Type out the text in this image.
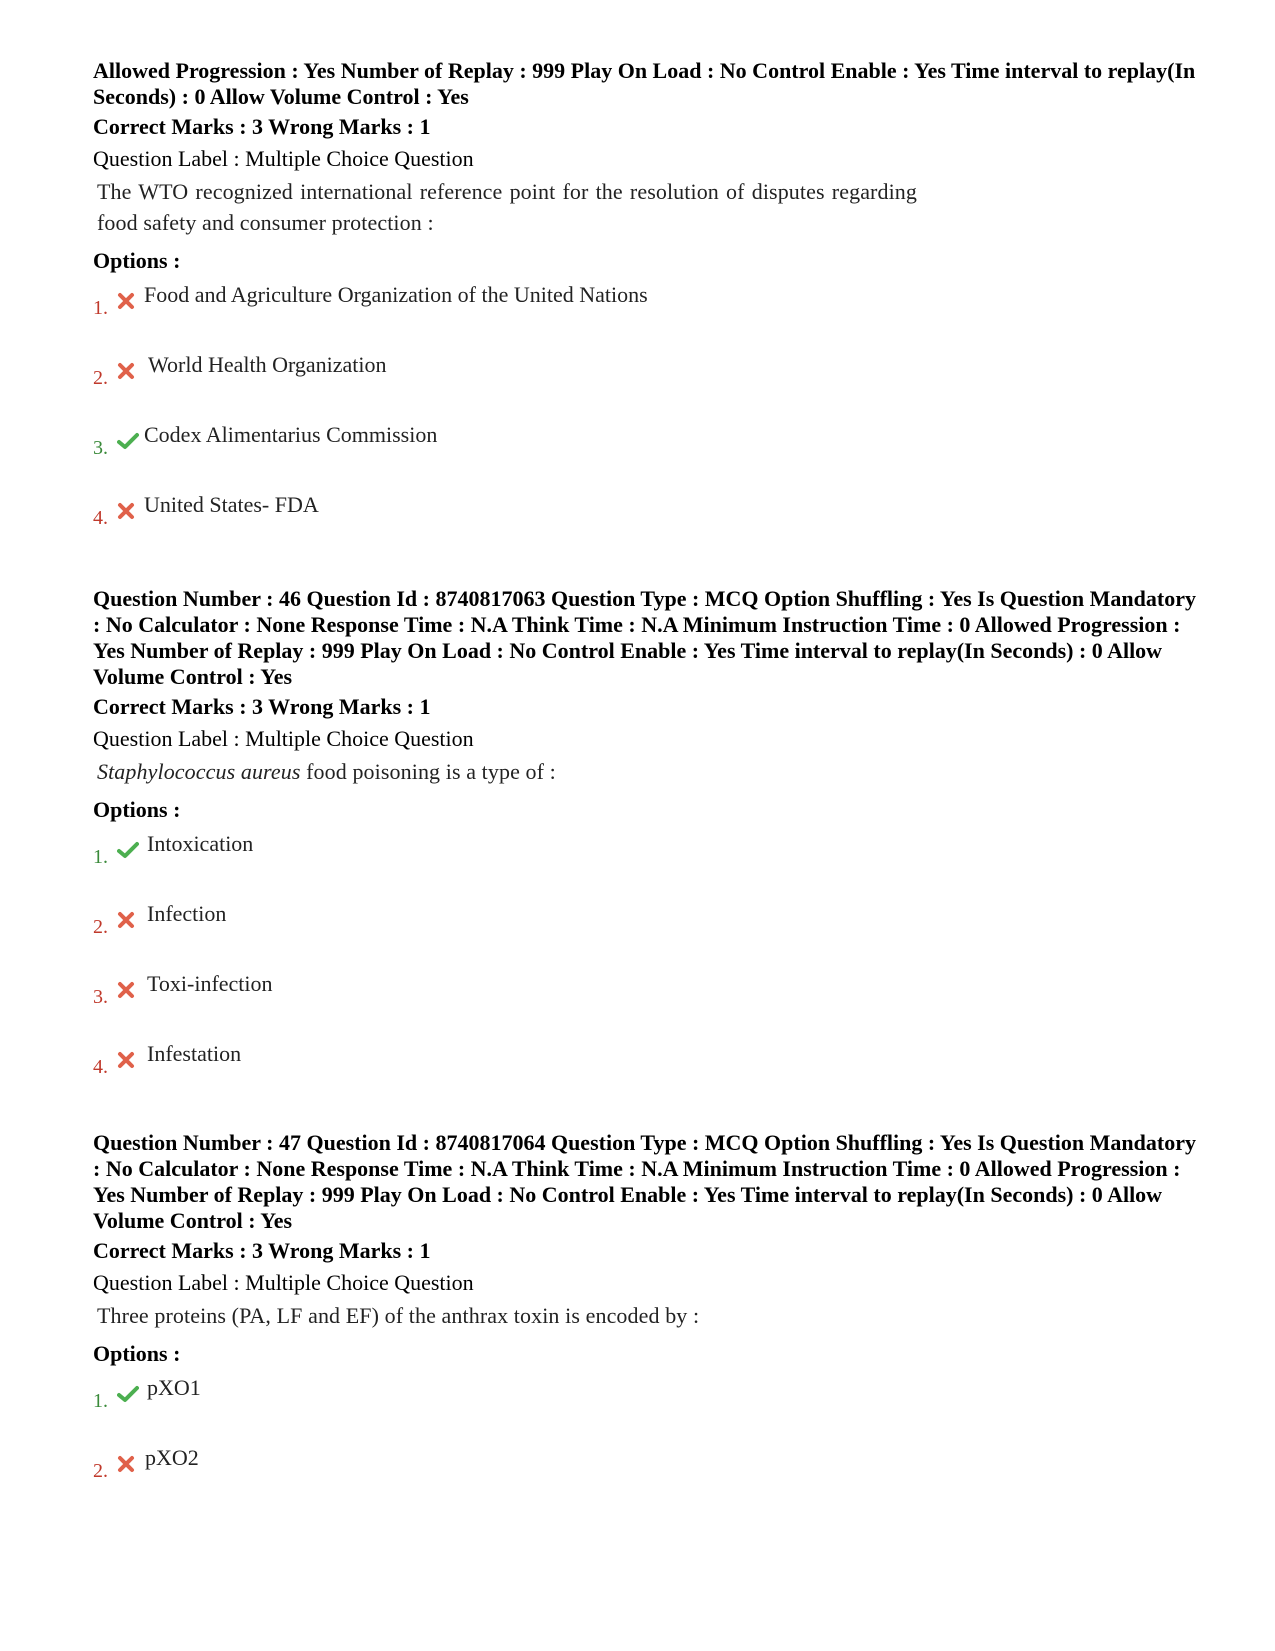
Allowed Progression : Yes Number of Replay : 999 Play On Load : No Control Enable : Yes Time interval to replay(In Seconds) : 0 Allow Volume Control : Yes

Correct Marks : 3 Wrong Marks : 1

Question Label : Multiple Choice Question

The WTO recognized international reference point for the resolution of disputes regarding food safety and consumer protection :

Options :

1.
Food and Agriculture Organization of the United Nations
2.
World Health Organization
3.
Codex Alimentarius Commission
4.
United States- FDA

Question Number : 46 Question Id : 8740817063 Question Type : MCQ Option Shuffling : Yes Is Question Mandatory : No Calculator : None Response Time : N.A Think Time : N.A Minimum Instruction Time : 0 Allowed Progression : Yes Number of Replay : 999 Play On Load : No Control Enable : Yes Time interval to replay(In Seconds) : 0 Allow Volume Control : Yes

Correct Marks : 3 Wrong Marks : 1

Question Label : Multiple Choice Question

Staphylococcus aureus food poisoning is a type of :

Options :

1.
Intoxication
2.
Infection
3.
Toxi-infection
4.
Infestation

Question Number : 47 Question Id : 8740817064 Question Type : MCQ Option Shuffling : Yes Is Question Mandatory : No Calculator : None Response Time : N.A Think Time : N.A Minimum Instruction Time : 0 Allowed Progression : Yes Number of Replay : 999 Play On Load : No Control Enable : Yes Time interval to replay(In Seconds) : 0 Allow Volume Control : Yes

Correct Marks : 3 Wrong Marks : 1

Question Label : Multiple Choice Question

Three proteins (PA, LF and EF) of the anthrax toxin is encoded by :

Options :

1.
pXO1
2.
pXO2
